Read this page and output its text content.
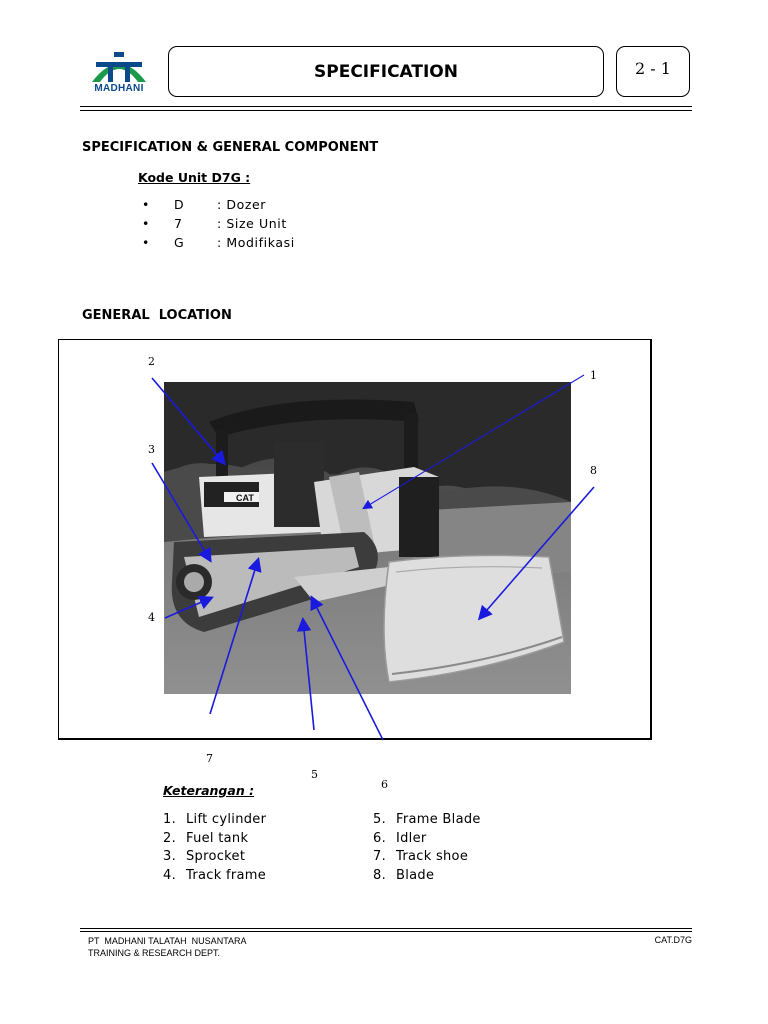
MADHANI
SPECIFICATION	2 - 1
SPECIFICATION & GENERAL COMPONENT
Kode Unit D7G :
•	D	: Dozer
•	7	: Size Unit
•	G	: Modifikasi
GENERAL  LOCATION
CAT
1
2
3
4
5
6
7
8
Keterangan :
1. Lift cylinder
2. Fuel tank
3. Sprocket
4. Track frame
5. Frame Blade
6. Idler
7. Track shoe
8. Blade
PT  MADHANI TALATAH  NUSANTARA
TRAINING & RESEARCH DEPT.
CAT.D7G
